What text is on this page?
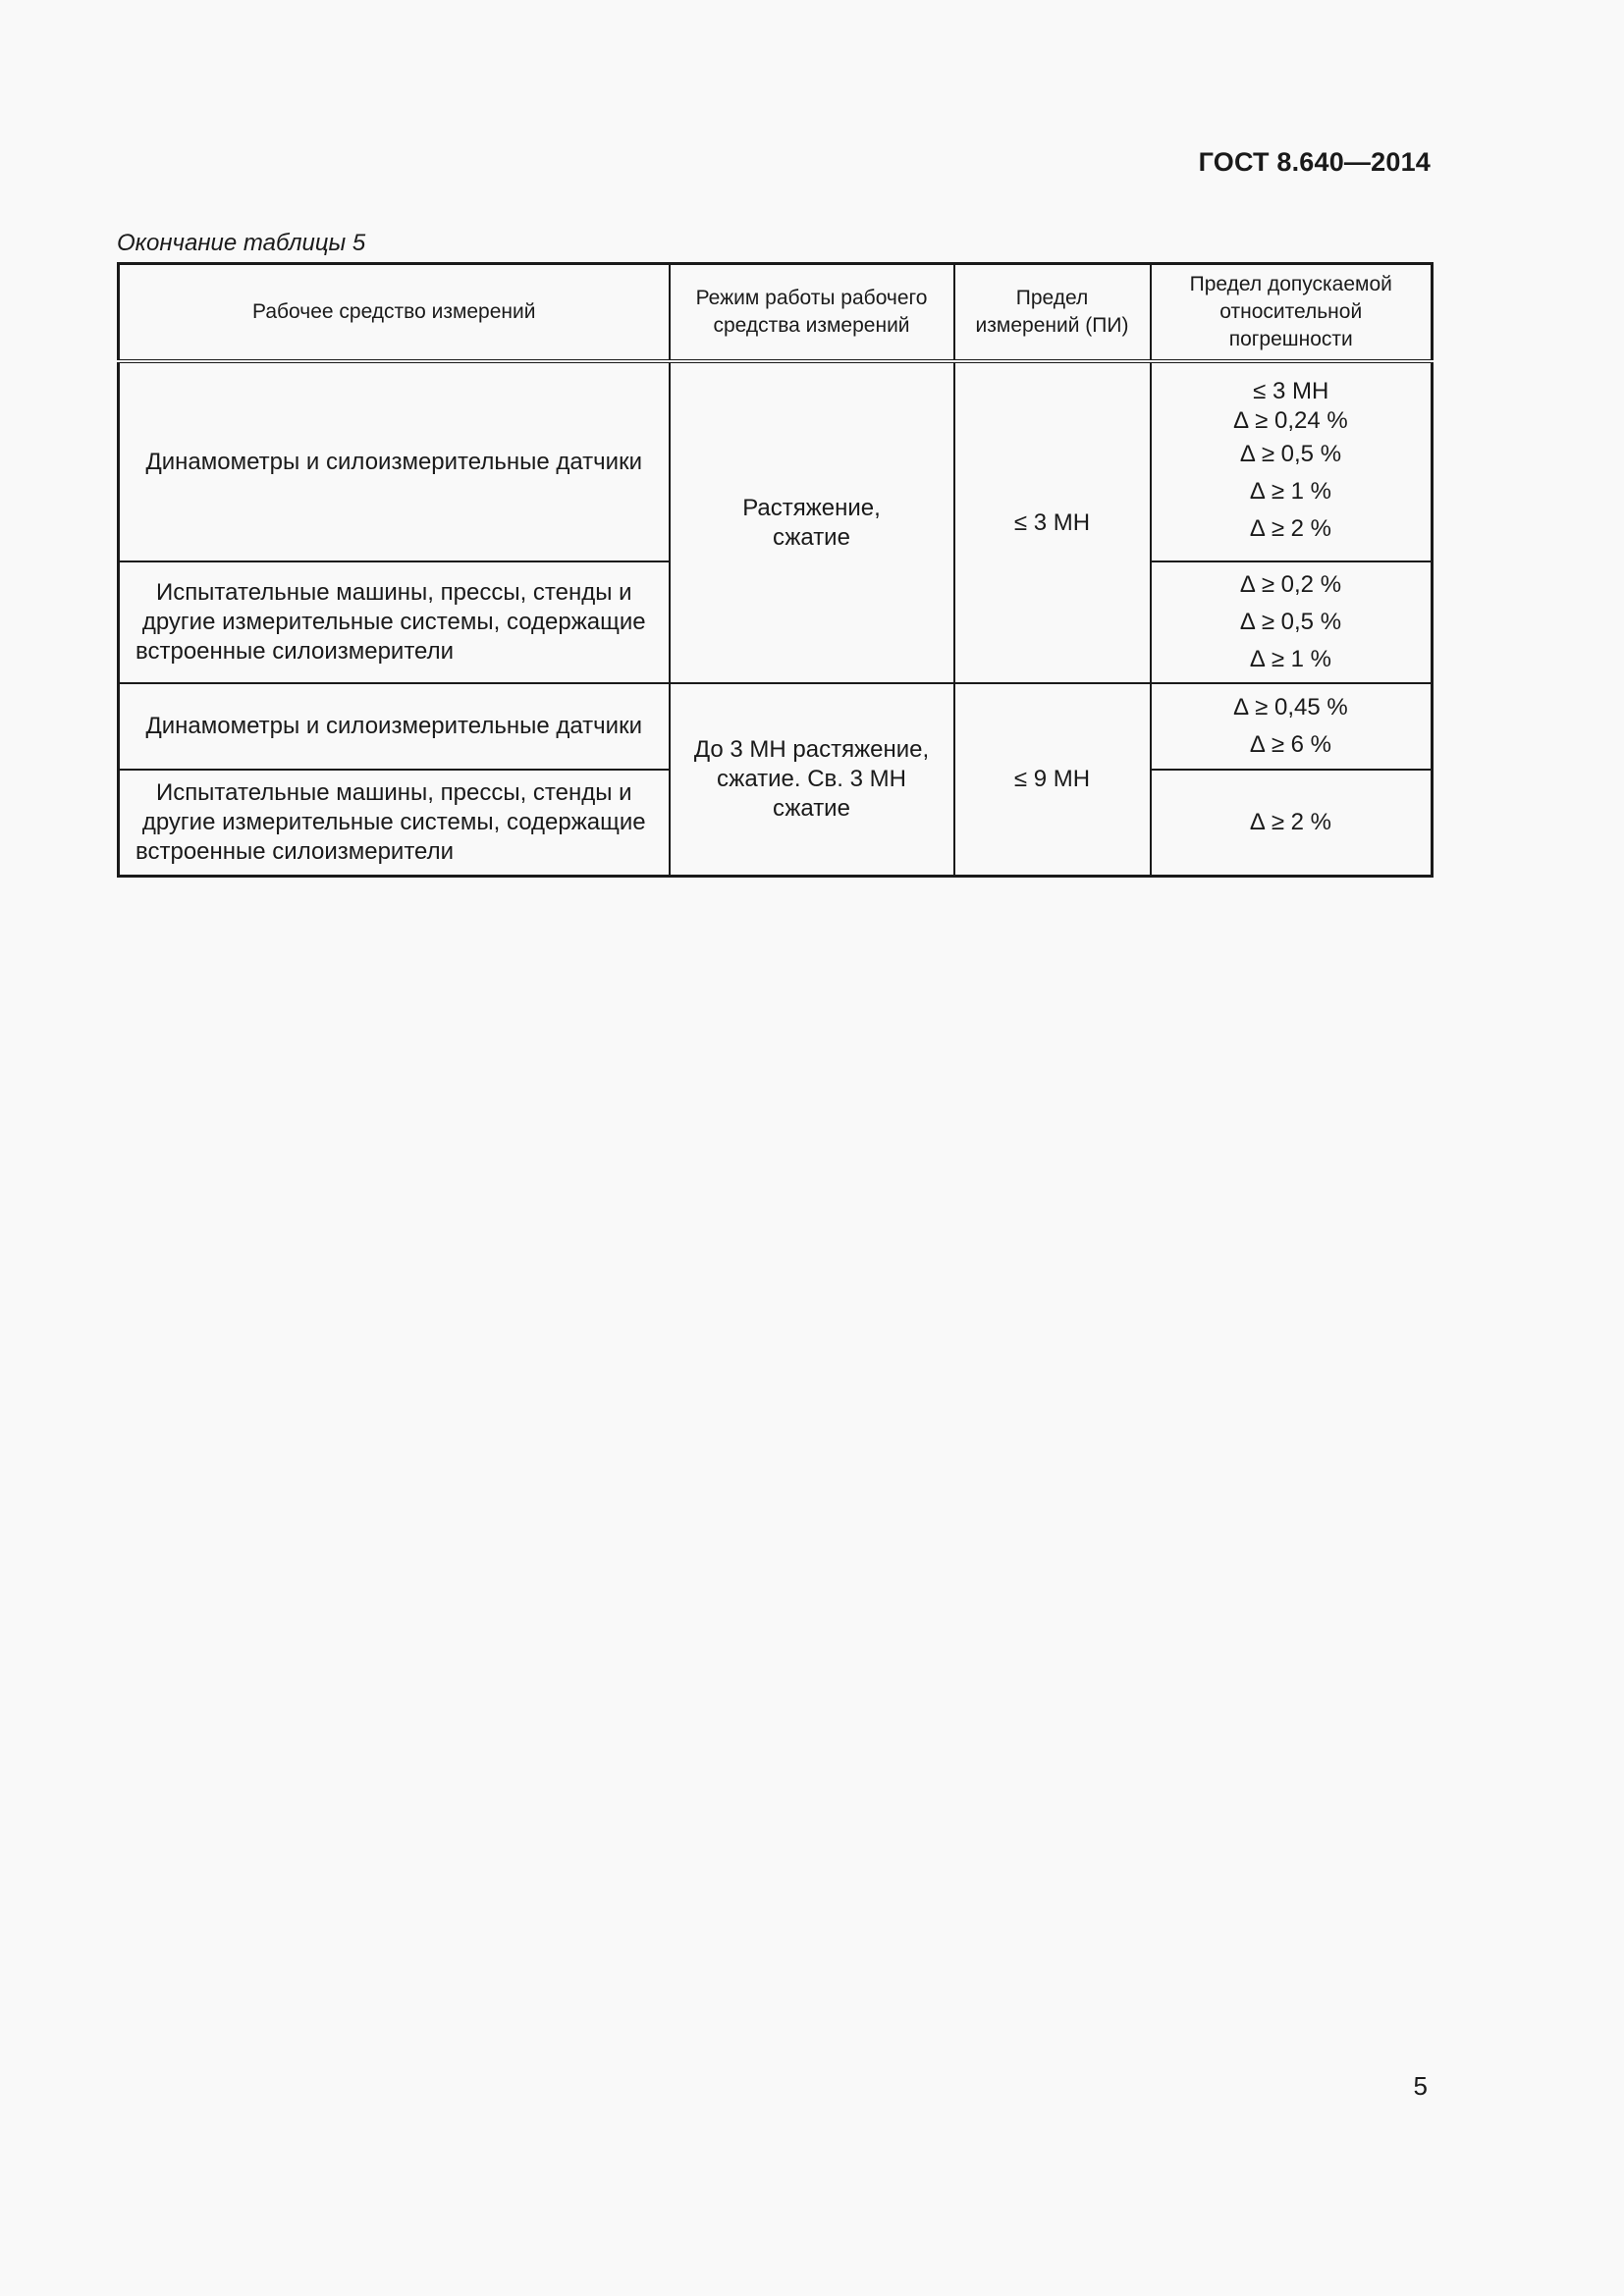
ГОСТ 8.640—2014
Окончание таблицы 5
Рабочее средство измерений	Режим работы рабочего средства измерений	Предел измерений (ПИ)	Предел допускаемой относительной погрешности
Динамометры и силоизмерительные датчики	Растяжение, сжатие	≤ 3 МН	≤ 3 МН
∆ ≥ 0,24 %
∆ ≥ 0,5 %
∆ ≥ 1 %
∆ ≥ 2 %

Испытательные машины, прессы, стенды и другие измерительные системы, содержащие встроенные силоизмерители			∆ ≥ 0,2 %
∆ ≥ 0,5 %
∆ ≥ 1 %

Динамометры и силоизмерительные датчики	До 3 МН растяжение, сжатие. Св. 3 МН сжатие	≤ 9 МН	∆ ≥ 0,45 %
∆ ≥ 6 %

Испытательные машины, прессы, стенды и другие измерительные системы, содержащие встроенные силоизмерители			∆ ≥ 2 %
5
